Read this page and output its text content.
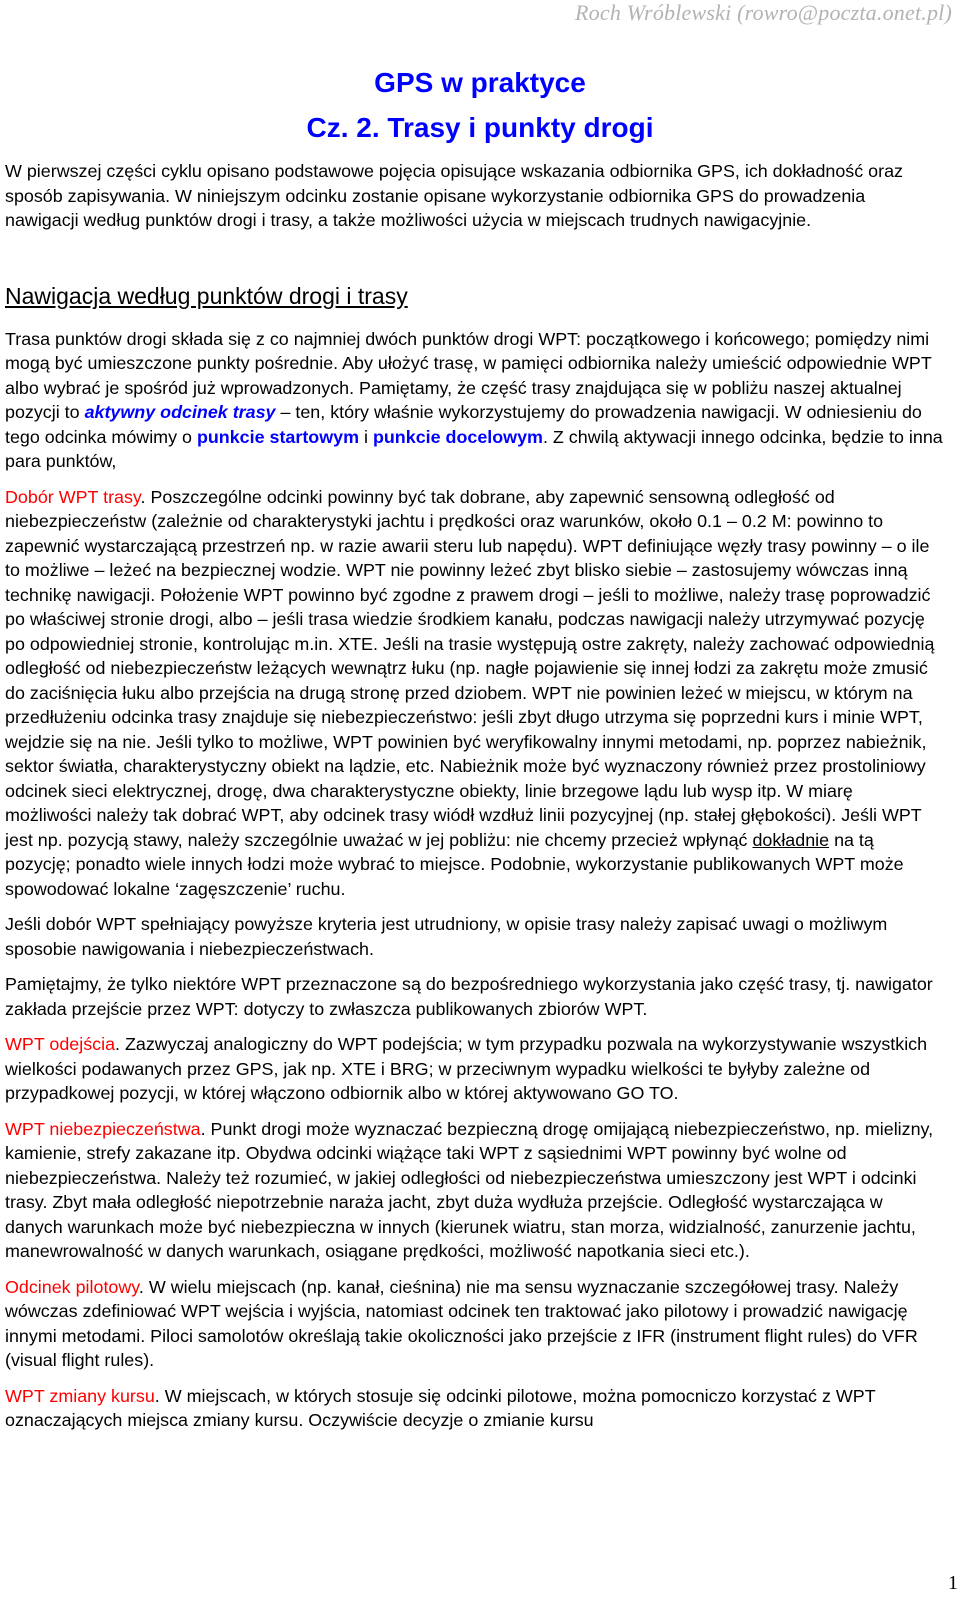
Roch Wróblewski (rowro@poczta.onet.pl)
GPS w praktyce
Cz. 2. Trasy i punkty drogi

W pierwszej części cyklu opisano podstawowe pojęcia opisujące wskazania odbiornika GPS, ich dokładność oraz sposób zapisywania. W niniejszym odcinku zostanie opisane wykorzystanie odbiornika GPS do prowadzenia nawigacji według punktów drogi i trasy, a także możliwości użycia w miejscach trudnych nawigacyjnie.

Nawigacja według punktów drogi i trasy

Trasa punktów drogi składa się z co najmniej dwóch punktów drogi WPT: początkowego i końcowego; pomiędzy nimi mogą być umieszczone punkty pośrednie. Aby ułożyć trasę, w pamięci odbiornika należy umieścić odpowiednie WPT albo wybrać je spośród już wprowadzonych. Pamiętamy, że część trasy znajdująca się w pobliżu naszej aktualnej pozycji to aktywny odcinek trasy – ten, który właśnie wykorzystujemy do prowadzenia nawigacji. W odniesieniu do tego odcinka mówimy o punkcie startowym i punkcie docelowym. Z chwilą aktywacji innego odcinka, będzie to inna para punktów,

Dobór WPT trasy. Poszczególne odcinki powinny być tak dobrane, aby zapewnić sensowną odległość od niebezpieczeństw (zależnie od charakterystyki jachtu i prędkości oraz warunków, około 0.1 – 0.2 M: powinno to zapewnić wystarczającą przestrzeń np. w razie awarii steru lub napędu). WPT definiujące węzły trasy powinny – o ile to możliwe – leżeć na bezpiecznej wodzie. WPT nie powinny leżeć zbyt blisko siebie – zastosujemy wówczas inną technikę nawigacji. Położenie WPT powinno być zgodne z prawem drogi – jeśli to możliwe, należy trasę poprowadzić po właściwej stronie drogi, albo – jeśli trasa wiedzie środkiem kanału, podczas nawigacji należy utrzymywać pozycję po odpowiedniej stronie, kontrolując m.in. XTE. Jeśli na trasie występują ostre zakręty, należy zachować odpowiednią odległość od niebezpieczeństw leżących wewnątrz łuku (np. nagłe pojawienie się innej łodzi za zakrętu może zmusić do zaciśnięcia łuku albo przejścia na drugą stronę przed dziobem. WPT nie powinien leżeć w miejscu, w którym na przedłużeniu odcinka trasy znajduje się niebezpieczeństwo: jeśli zbyt długo utrzyma się poprzedni kurs i minie WPT, wejdzie się na nie. Jeśli tylko to możliwe, WPT powinien być weryfikowalny innymi metodami, np. poprzez nabieżnik, sektor światła, charakterystyczny obiekt na lądzie, etc. Nabieżnik może być wyznaczony również przez prostoliniowy odcinek sieci elektrycznej, drogę, dwa charakterystyczne obiekty, linie brzegowe lądu lub wysp itp. W miarę możliwości należy tak dobrać WPT, aby odcinek trasy wiódł wzdłuż linii pozycyjnej (np. stałej głębokości). Jeśli WPT jest np. pozycją stawy, należy szczególnie uważać w jej pobliżu: nie chcemy przecież wpłynąć dokładnie na tą pozycję; ponadto wiele innych łodzi może wybrać to miejsce. Podobnie, wykorzystanie publikowanych WPT może spowodować lokalne ‘zagęszczenie’ ruchu.

Jeśli dobór WPT spełniający powyższe kryteria jest utrudniony, w opisie trasy należy zapisać uwagi o możliwym sposobie nawigowania i niebezpieczeństwach.

Pamiętajmy, że tylko niektóre WPT przeznaczone są do bezpośredniego wykorzystania jako część trasy, tj. nawigator zakłada przejście przez WPT: dotyczy to zwłaszcza publikowanych zbiorów WPT.

WPT odejścia. Zazwyczaj analogiczny do WPT podejścia; w tym przypadku pozwala na wykorzystywanie wszystkich wielkości podawanych przez GPS, jak np. XTE i BRG; w przeciwnym wypadku wielkości te byłyby zależne od przypadkowej pozycji, w której włączono odbiornik albo w której aktywowano GO TO.

WPT niebezpieczeństwa. Punkt drogi może wyznaczać bezpieczną drogę omijającą niebezpieczeństwo, np. mielizny, kamienie, strefy zakazane itp. Obydwa odcinki wiążące taki WPT z sąsiednimi WPT powinny być wolne od niebezpieczeństwa. Należy też rozumieć, w jakiej odległości od niebezpieczeństwa umieszczony jest WPT i odcinki trasy. Zbyt mała odległość niepotrzebnie naraża jacht, zbyt duża wydłuża przejście. Odległość wystarczająca w danych warunkach może być niebezpieczna w innych (kierunek wiatru, stan morza, widzialność, zanurzenie jachtu, manewrowalność w danych warunkach, osiągane prędkości, możliwość napotkania sieci etc.).

Odcinek pilotowy. W wielu miejscach (np. kanał, cieśnina) nie ma sensu wyznaczanie szczegółowej trasy. Należy wówczas zdefiniować WPT wejścia i wyjścia, natomiast odcinek ten traktować jako pilotowy i prowadzić nawigację innymi metodami. Piloci samolotów określają takie okoliczności jako przejście z IFR (instrument flight rules) do VFR (visual flight rules).

WPT zmiany kursu. W miejscach, w których stosuje się odcinki pilotowe, można pomocniczo korzystać z WPT oznaczających miejsca zmiany kursu. Oczywiście decyzje o zmianie kursu

1
